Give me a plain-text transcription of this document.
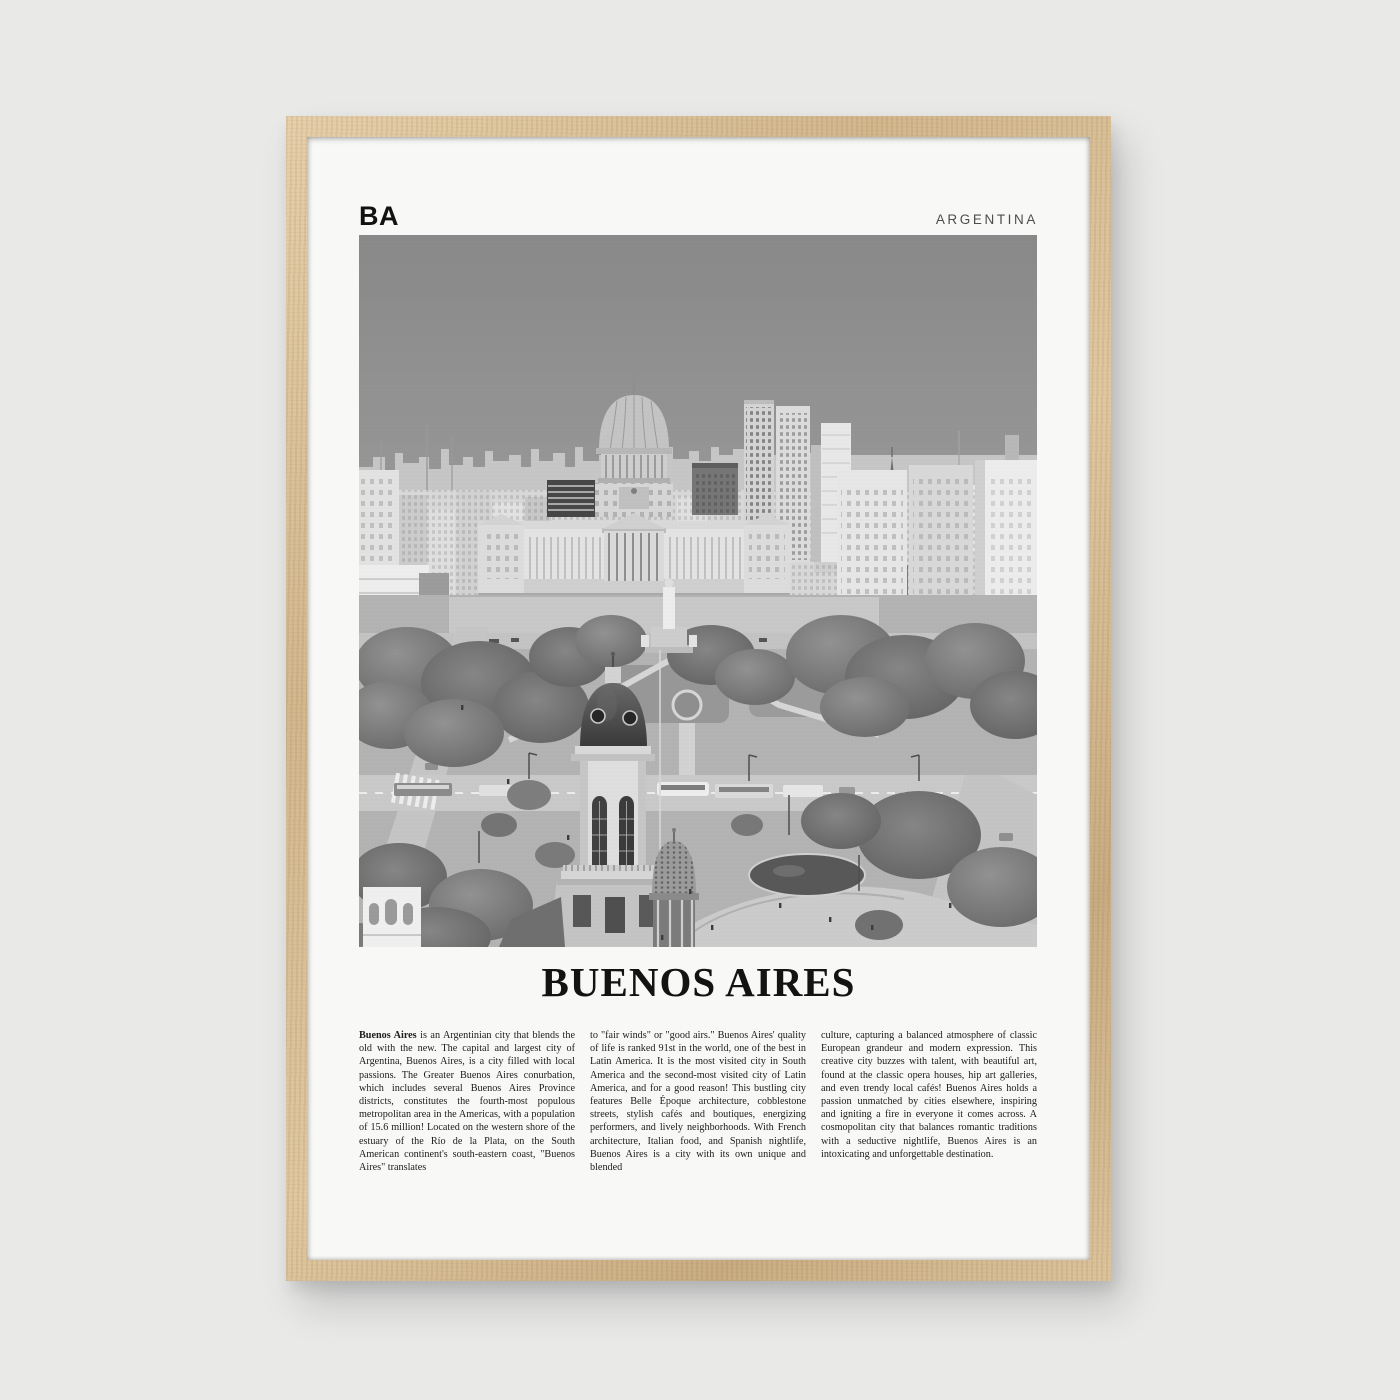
BA	ARGENTINA
BUENOS AIRES

Buenos Aires is an Argentinian city that blends the old with the new. The capital and largest city of Argentina, Buenos Aires, is a city filled with local passions. The Greater Buenos Aires conurbation, which includes several Buenos Aires Province districts, constitutes the fourth-most populous metropolitan area in the Americas, with a population of 15.6 million! Located on the western shore of the estuary of the Río de la Plata, on the South American continent's south-eastern coast, "Buenos Aires" translates

to "fair winds" or "good airs." Buenos Aires' quality of life is ranked 91st in the world, one of the best in Latin America. It is the most visited city in South America and the second-most visited city of Latin America, and for a good reason! This bustling city features Belle Époque architecture, cobblestone streets, stylish cafés and boutiques, energizing performers, and lively neighborhoods. With French architecture, Italian food, and Spanish nightlife, Buenos Aires is a city with its own unique and blended

culture, capturing a balanced atmosphere of classic European grandeur and modern expression. This creative city buzzes with talent, with beautiful art, found at the classic opera houses, hip art galleries, and even trendy local cafés! Buenos Aires holds a passion unmatched by cities elsewhere, inspiring and igniting a fire in everyone it comes across. A cosmopolitan city that balances romantic traditions with a seductive nightlife, Buenos Aires is an intoxicating and unforgettable destination.
